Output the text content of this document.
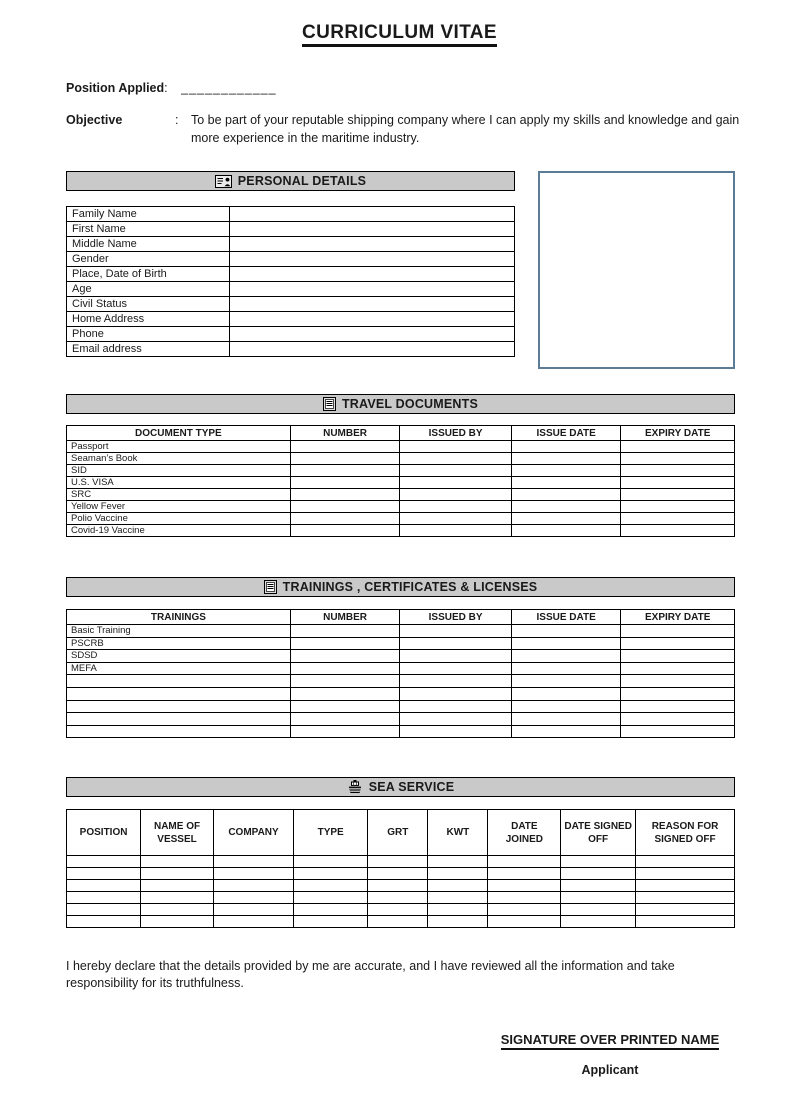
CURRICULUM VITAE
Position Applied: ____________
Objective	:	To be part of your reputable shipping company where I can apply my skills and knowledge and gain more experience in the maritime industry.
PERSONAL DETAILS
Family Name	
First Name	
Middle Name	
Gender	
Place, Date of Birth	
Age	
Civil Status	
Home Address	
Phone	
Email address	
TRAVEL DOCUMENTS
DOCUMENT TYPE	NUMBER	ISSUED BY	ISSUE DATE	EXPIRY DATE
Passport				
Seaman’s Book				
SID				
U.S. VISA				
SRC				
Yellow Fever				
Polio Vaccine				
Covid-19 Vaccine				
TRAININGS , CERTIFICATES & LICENSES
TRAININGS	NUMBER	ISSUED BY	ISSUE DATE	EXPIRY DATE
Basic Training				
PSCRB				
SDSD				
MEFA				

SEA SERVICE
POSITION	NAME OF VESSEL	COMPANY	TYPE	GRT	KWT	DATE JOINED	DATE SIGNED OFF	REASON FOR SIGNED OFF

I hereby declare that the details provided by me are accurate, and I have reviewed all the information and take responsibility for its truthfulness.

SIGNATURE OVER PRINTED NAME
Applicant
